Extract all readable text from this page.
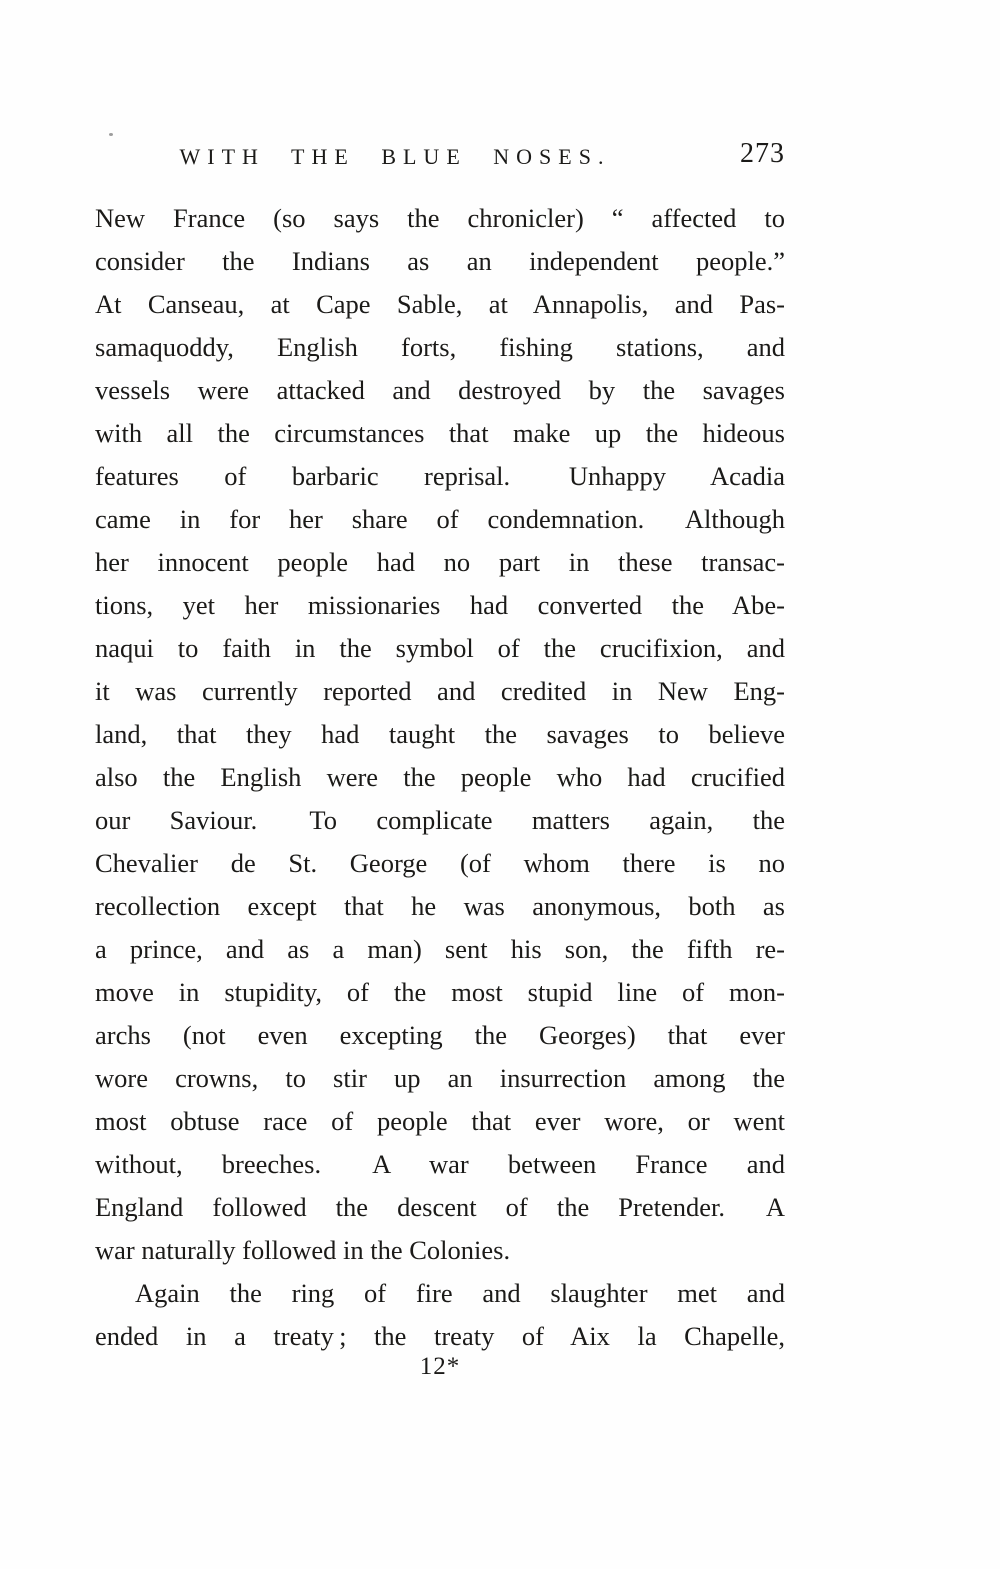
WITH THE BLUE NOSES.	273
New France (so says the chronicler) “ affected to
consider the Indians as an independent people.”
At Canseau, at Cape Sable, at Annapolis, and Pas-
samaquoddy, English forts, fishing stations, and
vessels were attacked and destroyed by the savages
with all the circumstances that make up the hideous
features of barbaric reprisal.  Unhappy Acadia
came in for her share of condemnation.  Although
her innocent people had no part in these transac-
tions, yet her missionaries had converted the Abe-
naqui to faith in the symbol of the crucifixion, and
it was currently reported and credited in New Eng-
land, that they had taught the savages to believe
also the English were the people who had crucified
our Saviour.  To complicate matters again, the
Chevalier de St. George (of whom there is no
recollection except that he was anonymous, both as
a prince, and as a man) sent his son, the fifth re-
move in stupidity, of the most stupid line of mon-
archs (not even excepting the Georges) that ever
wore crowns, to stir up an insurrection among the
most obtuse race of people that ever wore, or went
without, breeches.  A war between France and
England followed the descent of the Pretender.  A
war naturally followed in the Colonies.
Again the ring of fire and slaughter met and
ended in a treaty ; the treaty of Aix la Chapelle,
12*
